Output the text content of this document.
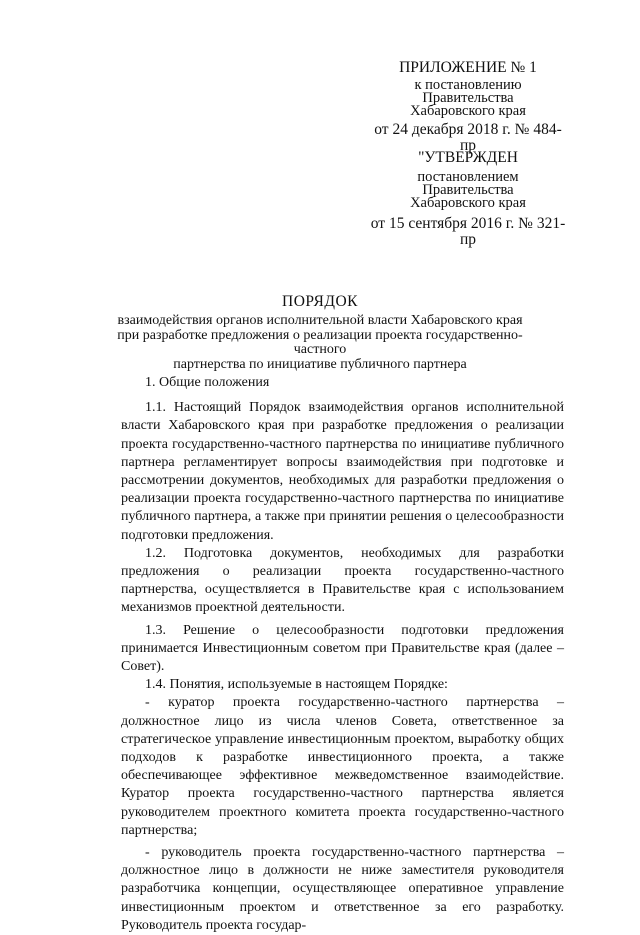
ПРИЛОЖЕНИЕ № 1
к постановлению
Правительства
Хабаровского края
от 24 декабря 2018 г. № 484-пр
"УТВЕРЖДЕН
постановлением
Правительства
Хабаровского края
от 15 сентября 2016 г. № 321-пр
ПОРЯДОК
взаимодействия органов исполнительной власти Хабаровского края
при разработке предложения о реализации проекта государственно-частного
партнерства по инициативе публичного партнера

1. Общие положения

1.1. Настоящий Порядок взаимодействия органов исполнительной власти Хабаровского края при разработке предложения о реализации проекта государственно-частного партнерства по инициативе публичного партнера регламентирует вопросы взаимодействия при подготовке и рассмотрении документов, необходимых для разработки предложения о реализации проекта государственно-частного партнерства по инициативе публичного партнера, а также при принятии решения о целесообразности подготовки предложения.

1.2. Подготовка документов, необходимых для разработки предложения о реализации проекта государственно-частного партнерства, осуществляется в Правительстве края с использованием механизмов проектной деятельности.

1.3. Решение о целесообразности подготовки предложения принимается Инвестиционным советом при Правительстве края (далее – Совет).

1.4. Понятия, используемые в настоящем Порядке:

- куратор проекта государственно-частного партнерства – должностное лицо из числа членов Совета, ответственное за стратегическое управление инвестиционным проектом, выработку общих подходов к разработке инвестиционного проекта, а также обеспечивающее эффективное межведомственное взаимодействие. Куратор проекта государственно-частного партнерства является руководителем проектного комитета проекта государственно-частного партнерства;

- руководитель проекта государственно-частного партнерства – должностное лицо в должности не ниже заместителя руководителя разработчика концепции, осуществляющее оперативное управление инвестиционным проектом и ответственное за его разработку. Руководитель проекта государ-
